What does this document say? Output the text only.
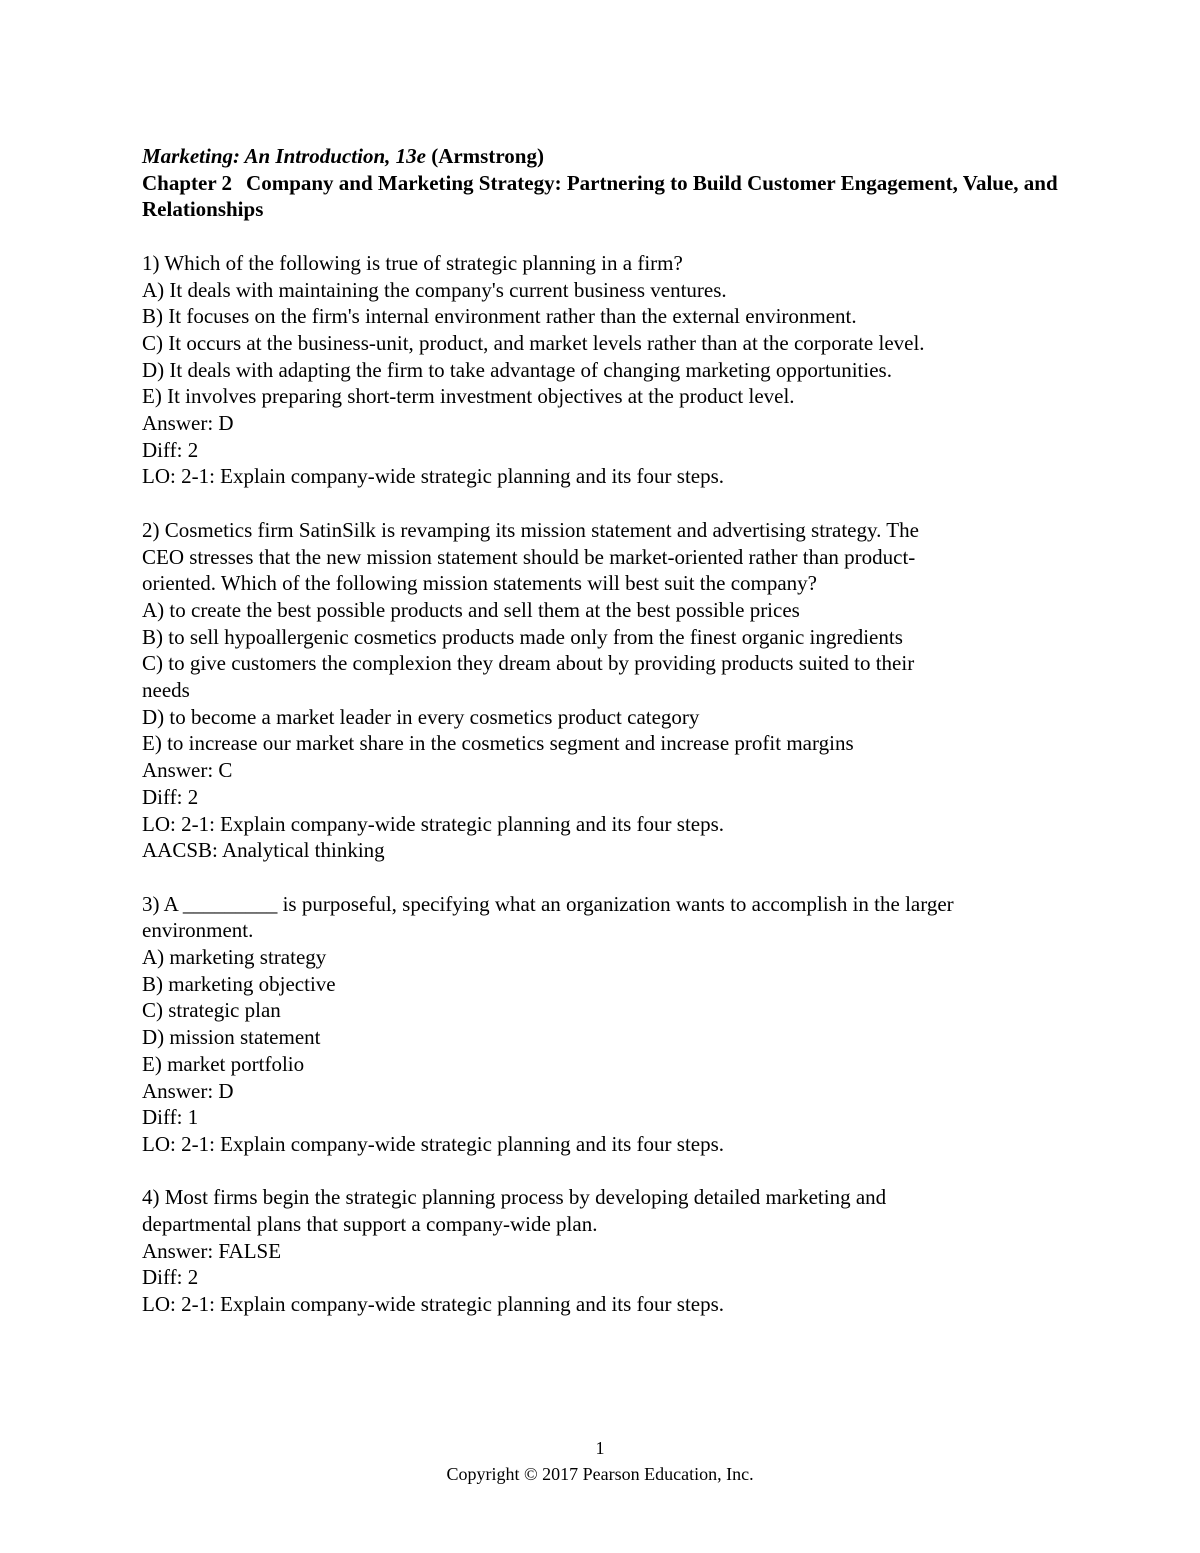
Marketing: An Introduction, 13e (Armstrong)
Chapter 2 Company and Marketing Strategy: Partnering to Build Customer Engagement, Value, and Relationships
1) Which of the following is true of strategic planning in a firm?
A) It deals with maintaining the company's current business ventures.
B) It focuses on the firm's internal environment rather than the external environment.
C) It occurs at the business-unit, product, and market levels rather than at the corporate level.
D) It deals with adapting the firm to take advantage of changing marketing opportunities.
E) It involves preparing short-term investment objectives at the product level.
Answer: D
Diff: 2
LO: 2-1: Explain company-wide strategic planning and its four steps.
2) Cosmetics firm SatinSilk is revamping its mission statement and advertising strategy. The
CEO stresses that the new mission statement should be market-oriented rather than product-
oriented. Which of the following mission statements will best suit the company?
A) to create the best possible products and sell them at the best possible prices
B) to sell hypoallergenic cosmetics products made only from the finest organic ingredients
C) to give customers the complexion they dream about by providing products suited to their
needs
D) to become a market leader in every cosmetics product category
E) to increase our market share in the cosmetics segment and increase profit margins
Answer: C
Diff: 2
LO: 2-1: Explain company-wide strategic planning and its four steps.
AACSB: Analytical thinking
3) A _________ is purposeful, specifying what an organization wants to accomplish in the larger
environment.
A) marketing strategy
B) marketing objective
C) strategic plan
D) mission statement
E) market portfolio
Answer: D
Diff: 1
LO: 2-1: Explain company-wide strategic planning and its four steps.
4) Most firms begin the strategic planning process by developing detailed marketing and
departmental plans that support a company-wide plan.
Answer: FALSE
Diff: 2
LO: 2-1: Explain company-wide strategic planning and its four steps.
1
Copyright © 2017 Pearson Education, Inc.
